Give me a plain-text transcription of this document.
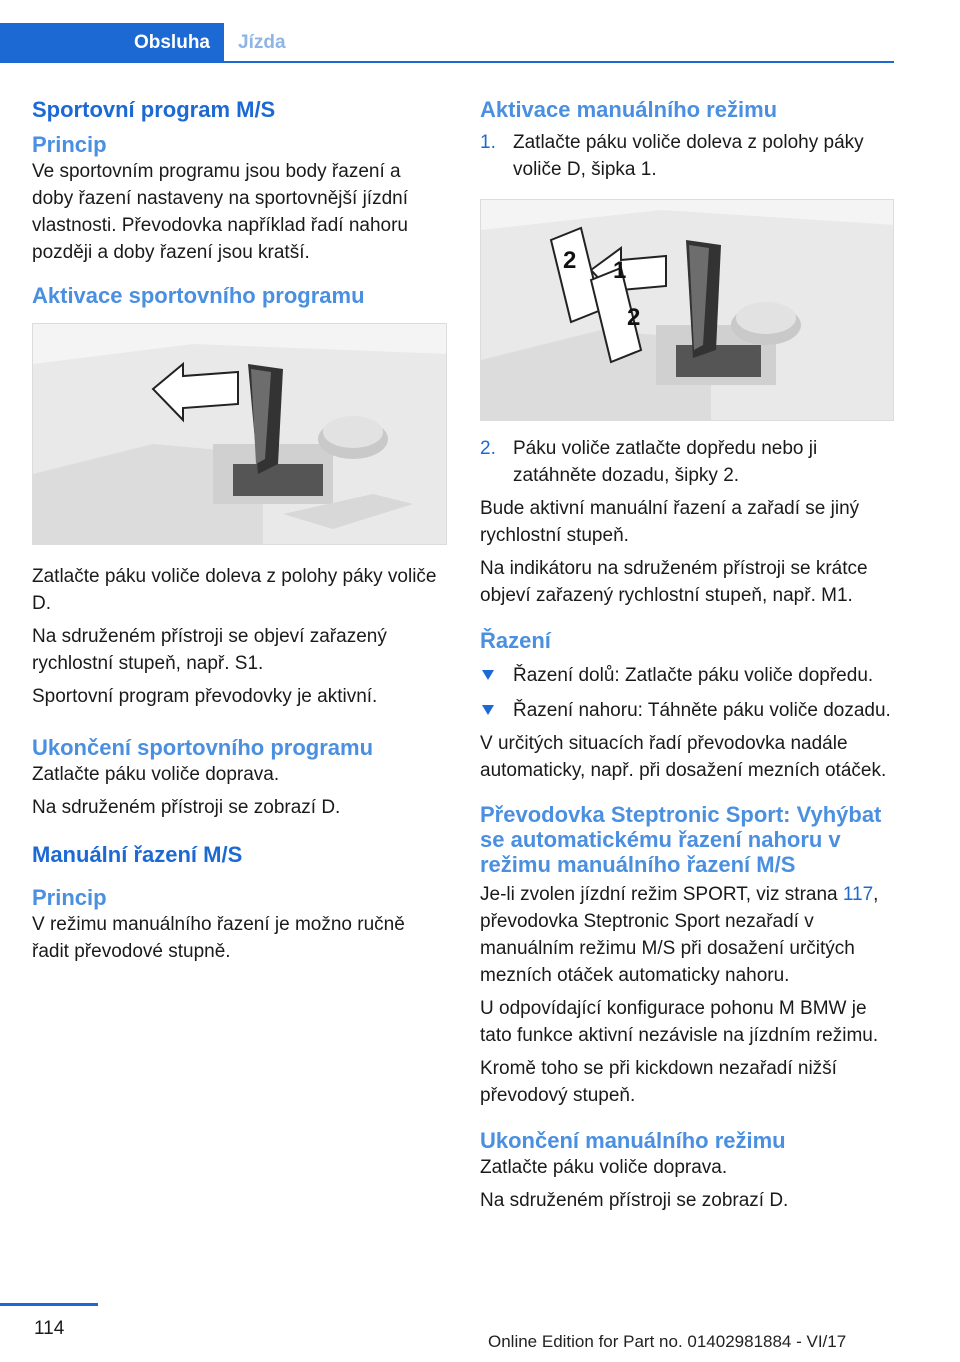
Obsluha	Jízda
Sportovní program M/S
Princip

Ve sportovním programu jsou body řazení a doby řazení nastaveny na sportovnější jízdní vlastnosti. Převodovka například řadí nahoru později a doby řazení jsou kratší.

Aktivace sportovního programu

Zatlačte páku voliče doleva z polohy páky voliče D.

Na sdruženém přístroji se objeví zařazený rychlostní stupeň, např. S1.

Sportovní program převodovky je aktivní.

Ukončení sportovního programu

Zatlačte páku voliče doprava.

Na sdruženém přístroji se zobrazí D.

Manuální řazení M/S
Princip

V režimu manuálního řazení je možno ručně řadit převodové stupně.

Aktivace manuálního režimu
1. Zatlačte páku voliče doleva z polohy páky voliče D, šipka 1.
1
2
2
2. Páku voliče zatlačte dopředu nebo ji zatáhněte dozadu, šipky 2.

Bude aktivní manuální řazení a zařadí se jiný rychlostní stupeň.

Na indikátoru na sdruženém přístroji se krátce objeví zařazený rychlostní stupeň, např. M1.

Řazení
Řazení dolů: Zatlačte páku voliče dopředu.
Řazení nahoru: Táhněte páku voliče dozadu.

V určitých situacích řadí převodovka nadále automaticky, např. při dosažení mezních otáček.

Převodovka Steptronic Sport: Vyhýbat se automatickému řazení nahoru v režimu manuálního řazení M/S

Je-li zvolen jízdní režim SPORT, viz strana 117, převodovka Steptronic Sport nezařadí v manuálním režimu M/S při dosažení určitých mezních otáček automaticky nahoru.

U odpovídající konfigurace pohonu M BMW je tato funkce aktivní nezávisle na jízdním režimu.

Kromě toho se při kickdown nezařadí nižší převodový stupeň.

Ukončení manuálního režimu

Zatlačte páku voliče doprava.

Na sdruženém přístroji se zobrazí D.

114
Online Edition for Part no. 01402981884 - VI/17
